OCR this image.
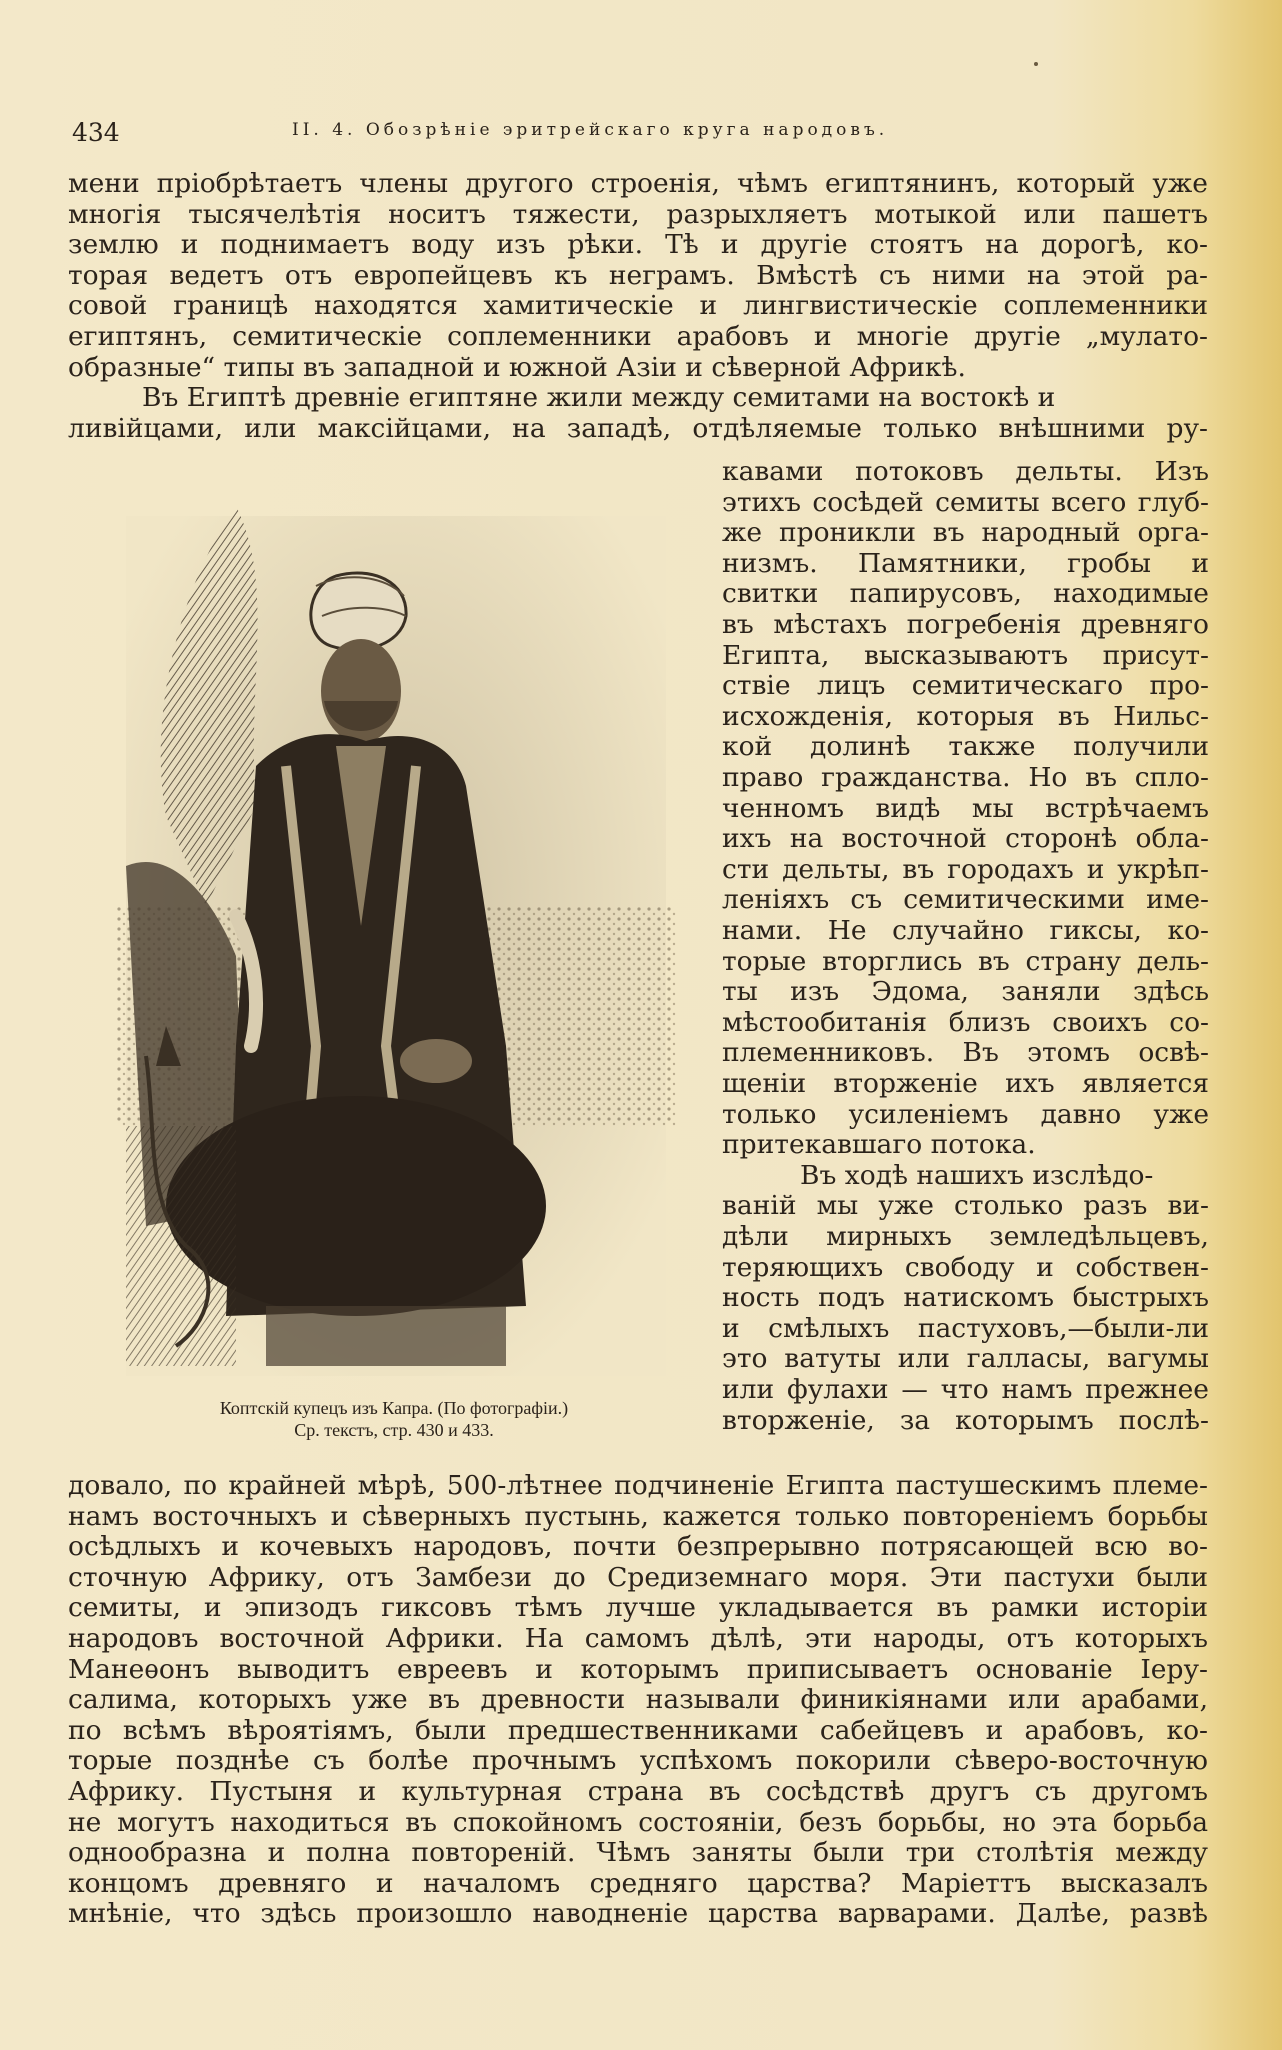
434	II. 4. Обозрѣніе эритрейскаго круга народовъ.
мени пріобрѣтаетъ члены другого строенія, чѣмъ египтянинъ, который уже
многія тысячелѣтія носитъ тяжести, разрыхляетъ мотыкой или пашетъ
землю и поднимаетъ воду изъ рѣки. Тѣ и другіе стоятъ на дорогѣ, ко-
торая ведетъ отъ европейцевъ къ неграмъ. Вмѣстѣ съ ними на этой ра-
совой границѣ находятся хамитическіе и лингвистическіе соплеменники
египтянъ, семитическіе соплеменники арабовъ и многіе другіе „мулато-
образные“ типы въ западной и южной Азіи и сѣверной Африкѣ.
Въ Египтѣ древніе египтяне жили между семитами на востокѣ и
ливійцами, или максійцами, на западѣ, отдѣляемые только внѣшними ру-
Коптскій купецъ изъ Капра. (По фотографіи.)
Ср. текстъ, стр. 430 и 433.
кавами потоковъ дельты. Изъ
этихъ сосѣдей семиты всего глуб-
же проникли въ народный орга-
низмъ. Памятники, гробы и
свитки папирусовъ, находимые
въ мѣстахъ погребенія древняго
Египта, высказываютъ присут-
ствіе лицъ семитическаго про-
исхожденія, которыя въ Нильс-
кой долинѣ также получили
право гражданства. Но въ спло-
ченномъ видѣ мы встрѣчаемъ
ихъ на восточной сторонѣ обла-
сти дельты, въ городахъ и укрѣп-
леніяхъ съ семитическими име-
нами. Не случайно гиксы, ко-
торые вторглись въ страну дель-
ты изъ Эдома, заняли здѣсь
мѣстообитанія близъ своихъ со-
племенниковъ. Въ этомъ освѣ-
щеніи вторженіе ихъ является
только усиленіемъ давно уже
притекавшаго потока.
Въ ходѣ нашихъ изслѣдо-
ваній мы уже столько разъ ви-
дѣли мирныхъ земледѣльцевъ,
теряющихъ свободу и собствен-
ность подъ натискомъ быстрыхъ
и смѣлыхъ пастуховъ,—были-ли
это ватуты или галласы, вагумы
или фулахи — что намъ прежнее
вторженіе, за которымъ послѣ-
довало, по крайней мѣрѣ, 500-лѣтнее подчиненіе Египта пастушескимъ племе-
намъ восточныхъ и сѣверныхъ пустынь, кажется только повтореніемъ борьбы
осѣдлыхъ и кочевыхъ народовъ, почти безпрерывно потрясающей всю во-
сточную Африку, отъ Замбези до Средиземнаго моря. Эти пастухи были
семиты, и эпизодъ гиксовъ тѣмъ лучше укладывается въ рамки исторіи
народовъ восточной Африки. На самомъ дѣлѣ, эти народы, отъ которыхъ
Манеѳонъ выводитъ евреевъ и которымъ приписываетъ основаніе Іеру-
салима, которыхъ уже въ древности называли финикіянами или арабами,
по всѣмъ вѣроятіямъ, были предшественниками сабейцевъ и арабовъ, ко-
торые позднѣе съ болѣе прочнымъ успѣхомъ покорили сѣверо-восточную
Африку. Пустыня и культурная страна въ сосѣдствѣ другъ съ другомъ
не могутъ находиться въ спокойномъ состояніи, безъ борьбы, но эта борьба
однообразна и полна повтореній. Чѣмъ заняты были три столѣтія между
концомъ древняго и началомъ средняго царства? Маріеттъ высказалъ
мнѣніе, что здѣсь произошло наводненіе царства варварами. Далѣе, развѣ
